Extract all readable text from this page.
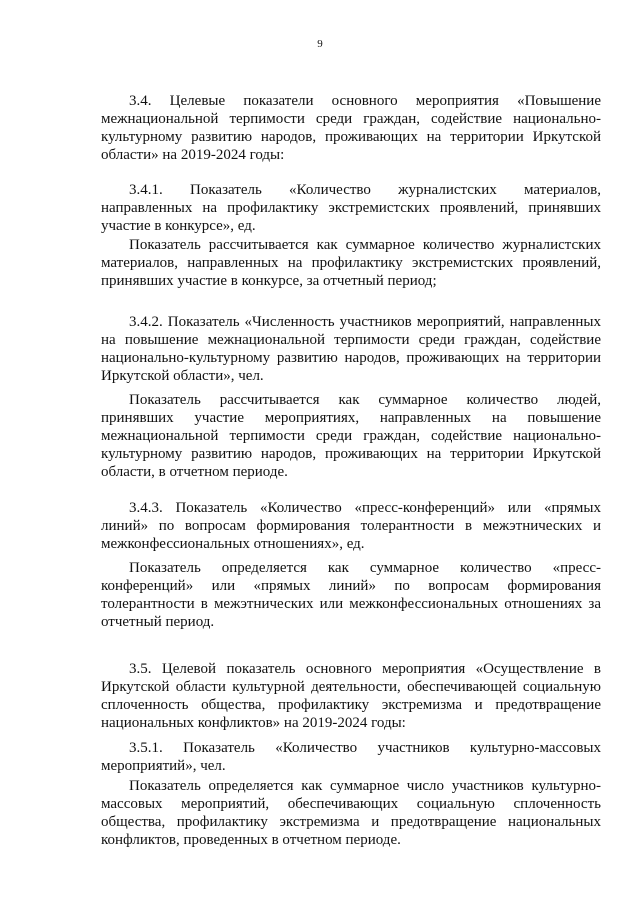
9

3.4. Целевые показатели основного мероприятия «Повышение межнациональной терпимости среди граждан, содействие национально-культурному развитию народов, проживающих на территории Иркутской области» на 2019-2024 годы:

3.4.1. Показатель «Количество журналистских материалов, направленных на профилактику экстремистских проявлений, принявших участие в конкурсе», ед.

Показатель рассчитывается как суммарное количество журналистских материалов, направленных на профилактику экстремистских проявлений, принявших участие в конкурсе, за отчетный период;

3.4.2. Показатель «Численность участников мероприятий, направленных на повышение межнациональной терпимости среди граждан, содействие национально-культурному развитию народов, проживающих на территории Иркутской области», чел.

Показатель рассчитывается как суммарное количество людей, принявших участие мероприятиях, направленных на повышение межнациональной терпимости среди граждан, содействие национально-культурному развитию народов, проживающих на территории Иркутской области, в отчетном периоде.

3.4.3. Показатель «Количество «пресс-конференций» или «прямых линий» по вопросам формирования толерантности в межэтнических и межконфессиональных отношениях», ед.

Показатель определяется как суммарное количество «пресс-конференций» или «прямых линий» по вопросам формирования толерантности в межэтнических или межконфессиональных отношениях за отчетный период.

3.5. Целевой показатель основного мероприятия «Осуществление в Иркутской области культурной деятельности, обеспечивающей социальную сплоченность общества, профилактику экстремизма и предотвращение национальных конфликтов» на 2019-2024 годы:

3.5.1. Показатель «Количество участников культурно-массовых мероприятий», чел.

Показатель определяется как суммарное число участников культурно-массовых мероприятий, обеспечивающих социальную сплоченность общества, профилактику экстремизма и предотвращение национальных конфликтов, проведенных в отчетном периоде.
